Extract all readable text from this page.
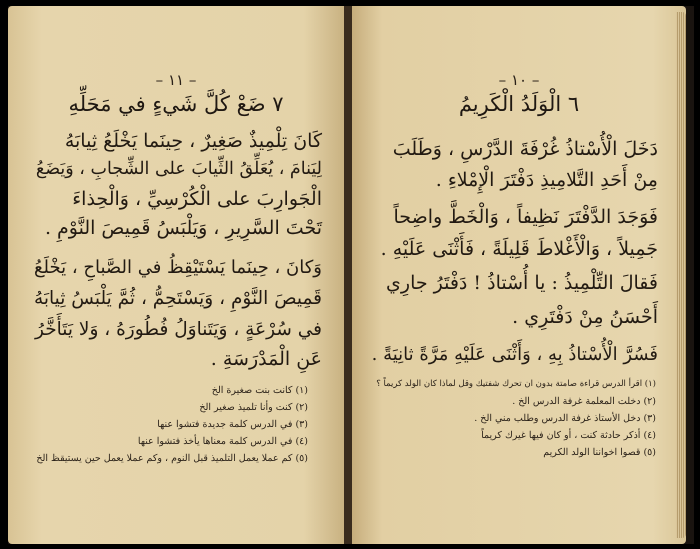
– ١١ –
٧ ضَعْ كُلَّ شَيءٍ في مَحَلِّهِ
كَانَ تِلْمِيذٌ صَغِيرٌ ، حِينَما يَخْلَعُ ثِيابَهُ
لِيَنامَ ، يُعَلِّقُ الثِّيابَ على الشِّجابِ ، وَيَضَعُ
الْجَوارِبَ على الْكُرْسِيِّ ، وَالْحِذاءَ
تَحْتَ السَّرِيرِ ، وَيَلْبَسُ قَمِيصَ النَّوْمِ .
وَكانَ ، حِينَما يَسْتَيْقِظُ في الصَّباحِ ، يَخْلَعُ
قَمِيصَ النَّوْمِ ، وَيَسْتَحِمُّ ، ثُمَّ يَلْبَسُ ثِيابَهُ
في سُرْعَةٍ ، وَيَتَناوَلُ فُطُورَهُ ، وَلا يَتَأَخَّرُ
عَنِ الْمَدْرَسَةِ .
(١) كانت بنت صغيرة الخ
(٢) كنت وأنا تلميذ صغير الخ
(٣) في الدرس كلمة جديدة فتشوا عنها
(٤) في الدرس كلمة معناها يأخذ فتشوا عنها
(٥) كم عملا يعمل التلميذ قبل النوم ، وكم عملا يعمل حين يستيقظ الخ
– ١٠ –
٦ الْوَلَدُ الْكَرِيمُ
دَخَلَ الْأُسْتاذُ غُرْفَةَ الدَّرْسِ ، وَطَلَبَ
مِنْ أَحَدِ التَّلامِيذِ دَفْتَرَ الْإِمْلاءِ .
فَوَجَدَ الدَّفْتَرَ نَظِيفاً ، وَالْخَطَّ واضِحاً
جَمِيلاً ، وَالْأَغْلاطَ قَلِيلَةً ، فَأَثْنَى عَلَيْهِ .
فَقالَ التِّلْمِيذُ : يا أُسْتاذُ ! دَفْتَرُ جارِي
أَحْسَنُ مِنْ دَفْتَرِي .
فَسُرَّ الْأُسْتاذُ بِهِ ، وَأَثْنَى عَلَيْهِ مَرَّةً ثانِيَةً .
(١) اقرأ الدرس قراءة صامتة بدون ان تحرك شفتيك وقل لماذا كان الولد كريماً ؟
(٢) دخلت المعلمة غرفة الدرس الخ .
(٣) دخل الأستاذ غرفة الدرس وطلب مني الخ .
(٤) أذكر حادثة كنت ، أو كان فيها غيرك كريماً
(٥) قصوا اخواننا الولد الكريم
